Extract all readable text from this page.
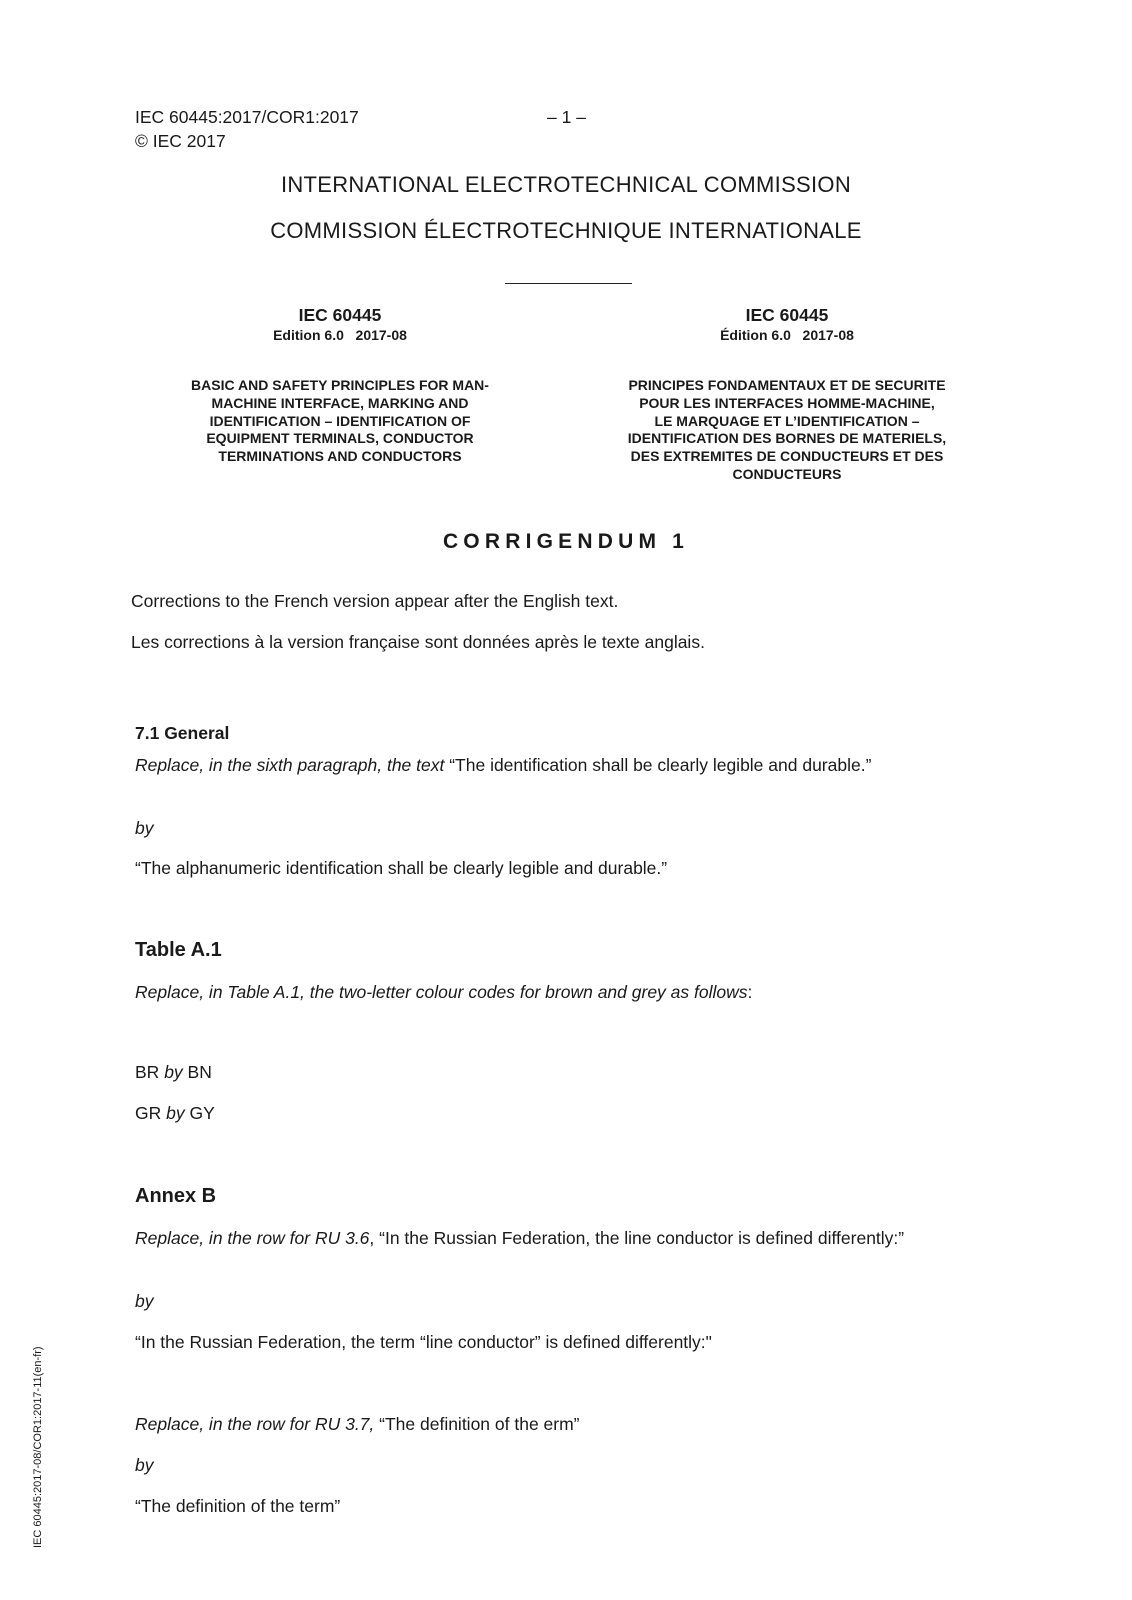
IEC 60445:2017/COR1:2017	– 1 –
© IEC 2017
INTERNATIONAL ELECTROTECHNICAL COMMISSION
COMMISSION ÉLECTROTECHNIQUE INTERNATIONALE
IEC 60445
Edition 6.0   2017-08
BASIC AND SAFETY PRINCIPLES FOR MAN-
MACHINE INTERFACE, MARKING AND
IDENTIFICATION – IDENTIFICATION OF
EQUIPMENT TERMINALS, CONDUCTOR
TERMINATIONS AND CONDUCTORS
IEC 60445
Édition 6.0   2017-08
PRINCIPES FONDAMENTAUX ET DE SECURITE
POUR LES INTERFACES HOMME-MACHINE,
LE MARQUAGE ET L’IDENTIFICATION –
IDENTIFICATION DES BORNES DE MATERIELS,
DES EXTREMITES DE CONDUCTEURS ET DES
CONDUCTEURS
CORRIGENDUM 1
Corrections to the French version appear after the English text.
Les corrections à la version française sont données après le texte anglais.
7.1 General
Replace, in the sixth paragraph, the text “The identification shall be clearly legible and durable.”
by
“The alphanumeric identification shall be clearly legible and durable.”
Table A.1
Replace, in Table A.1, the two-letter colour codes for brown and grey as follows:
BR by BN
GR by GY
Annex B
Replace, in the row for RU 3.6, “In the Russian Federation, the line conductor is defined differently:”
by
“In the Russian Federation, the term “line conductor” is defined differently:"
Replace, in the row for RU 3.7, “The definition of the erm”
by
“The definition of the term”
IEC 60445:2017-08/COR1:2017-11(en-fr)
